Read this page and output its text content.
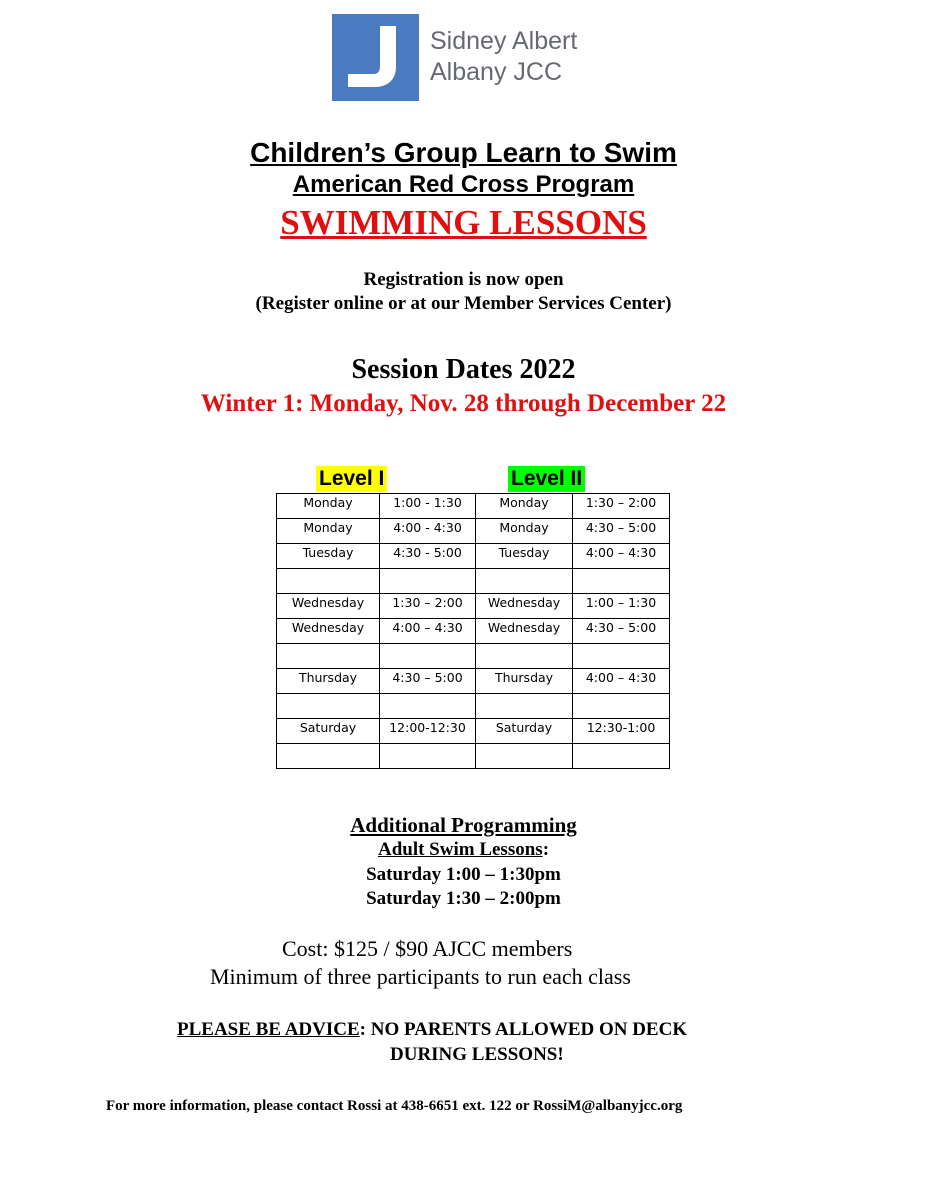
Sidney Albert
Albany JCC
Children’s Group Learn to Swim
American Red Cross Program
SWIMMING LESSONS
Registration is now open
(Register online or at our Member Services Center)
Session Dates 2022
Winter 1: Monday, Nov. 28 through December 22
Level I	Level II
Monday	1:00 - 1:30	Monday	1:30 – 2:00
Monday	4:00 - 4:30	Monday	4:30 – 5:00
Tuesday	4:30 - 5:00	Tuesday	4:00 – 4:30

Wednesday	1:30 – 2:00	Wednesday	1:00 – 1:30
Wednesday	4:00 – 4:30	Wednesday	4:30 – 5:00

Thursday	4:30 – 5:00	Thursday	4:00 – 4:30

Saturday	12:00-12:30	Saturday	12:30-1:00

Additional Programming
Adult Swim Lessons:
Saturday 1:00 – 1:30pm
Saturday 1:30 – 2:00pm
Cost: $125 / $90 AJCC members
Minimum of three participants to run each class
PLEASE BE ADVICE: NO PARENTS ALLOWED ON DECK
DURING LESSONS!
For more information, please contact Rossi at 438-6651 ext. 122 or RossiM@albanyjcc.org
